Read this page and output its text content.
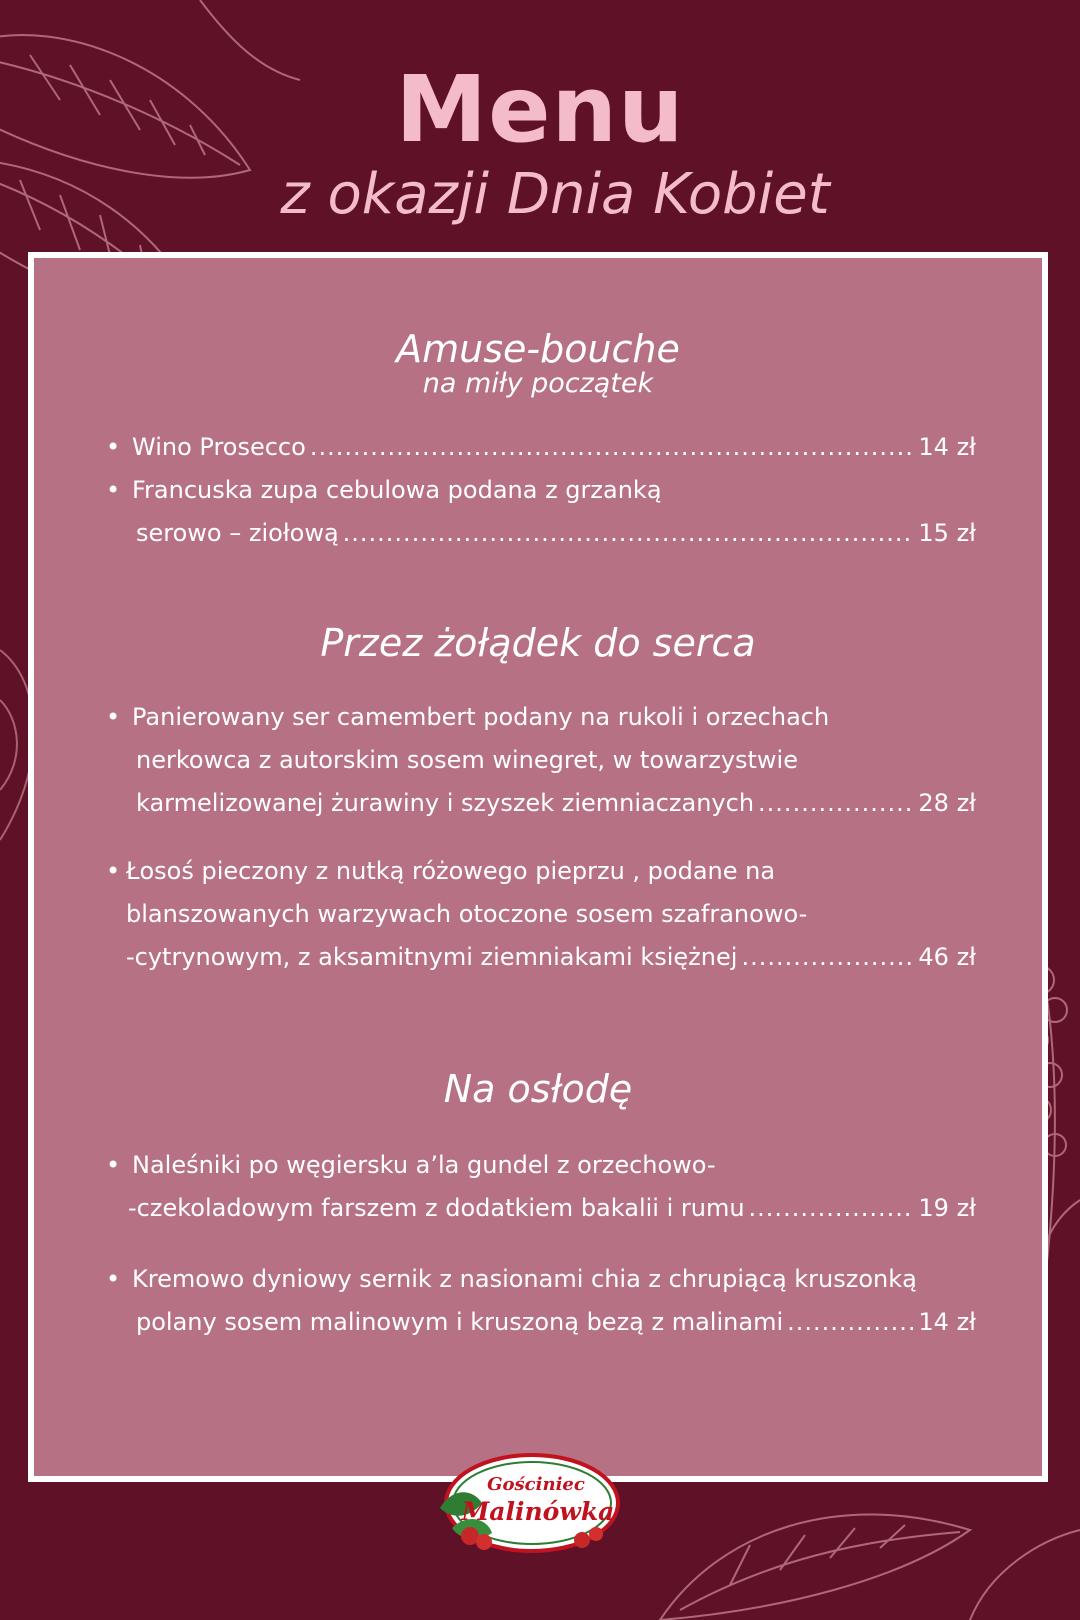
Menu
z okazji Dnia Kobiet
Amuse-bouche
na miły początek
• Wino Prosecco .....	14 zł
• Francuska zupa cebulowa podana z grzanką
serowo – ziołową .....	15 zł
Przez żołądek do serca
• Panierowany ser camembert podany na rukoli i orzechach
nerkowca z autorskim sosem winegret, w towarzystwie
karmelizowanej żurawiny i szyszek ziemniaczanych .....	28 zł
• Łosoś pieczony z nutką różowego pieprzu , podane na
blanszowanych warzywach otoczone sosem szafranowo-
-cytrynowym, z aksamitnymi ziemniakami księżnej .....	46 zł
Na osłodę
• Naleśniki po węgiersku a’la gundel z orzechowo-
-czekoladowym farszem z dodatkiem bakalii i rumu .....	19 zł
• Kremowo dyniowy sernik z nasionami chia z chrupiącą kruszonką
polany sosem malinowym i kruszoną bezą z malinami .....	14 zł
Gościniec
Malinówka
